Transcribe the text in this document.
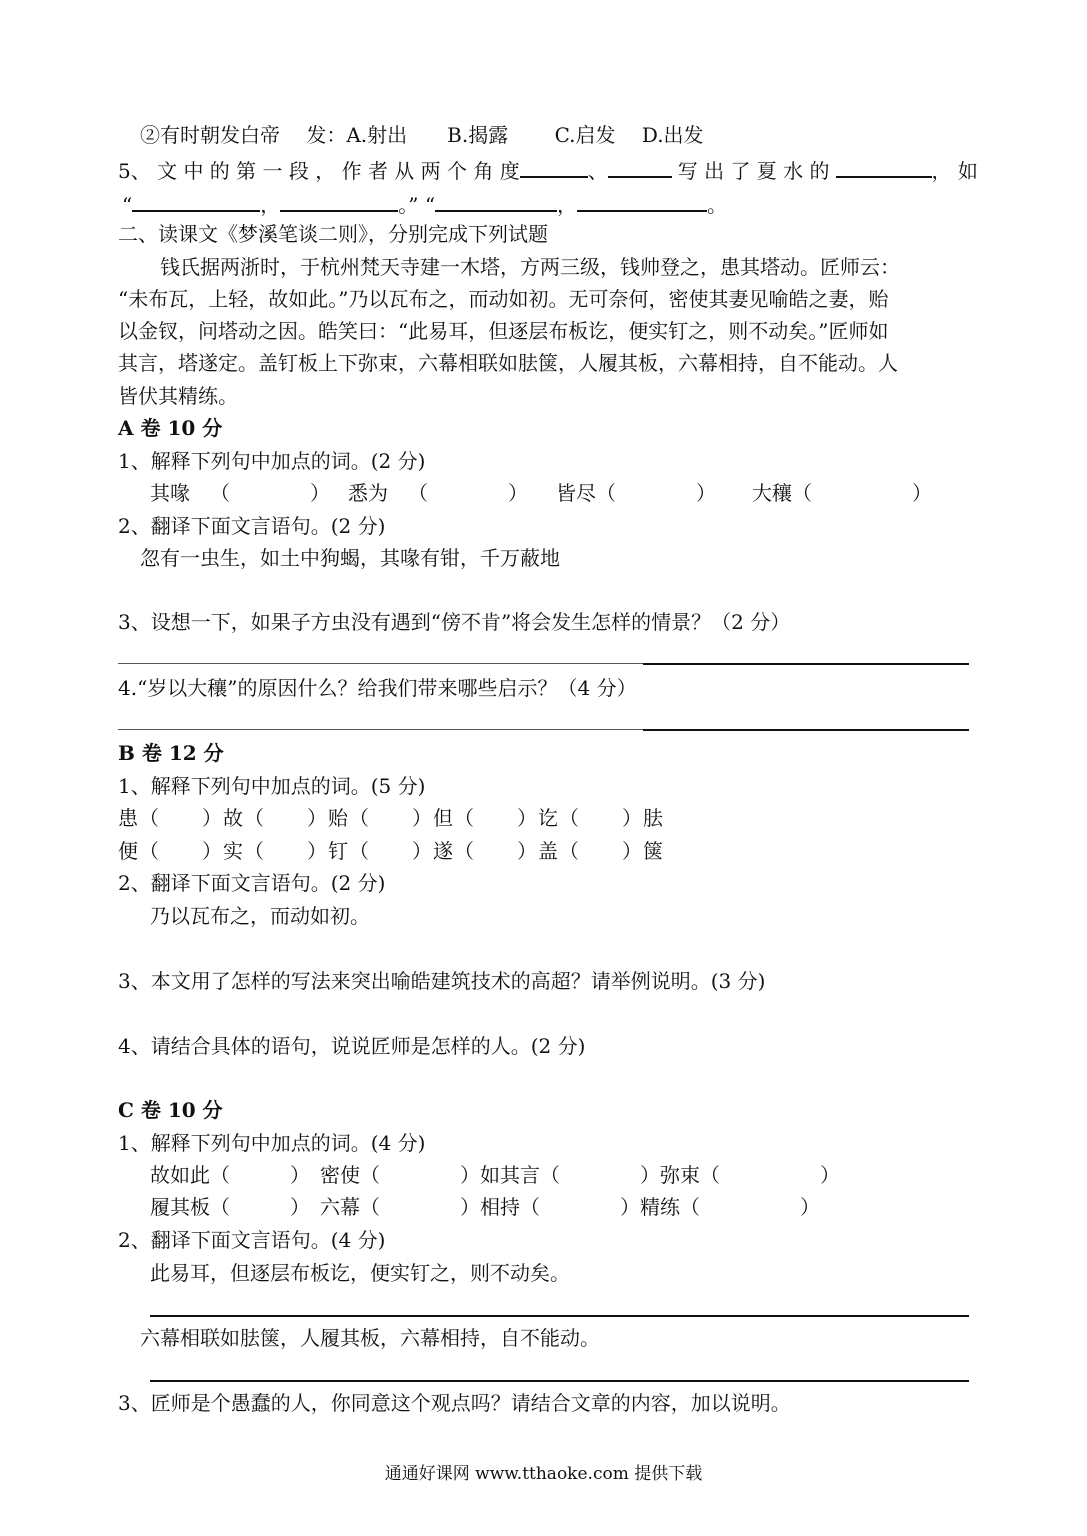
②有时朝发白帝　 发：A.射出　　B.揭露　　 C.启发　 D.出发
5、 文 中 的 第 一 段 ， 作 者 从 两 个 角 度	、	写 出 了 夏 水 的	， 如
“	，	。” “	，	。
二、读课文《梦溪笔谈二则》，分别完成下列试题
钱氏据两浙时，于杭州梵天寺建一木塔，方两三级，钱帅登之，患其塔动。匠师云：
“未布瓦，上轻，故如此。”乃以瓦布之，而动如初。无可奈何，密使其妻见喻皓之妻，贻
以金钗，问塔动之因。皓笑曰：“此易耳，但逐层布板讫，便实钉之，则不动矣。”匠师如
其言，塔遂定。盖钉板上下弥束，六幕相联如胠箧，人履其板，六幕相持，自不能动。人
皆伏其精练。
A 卷 10 分
1、解释下列句中加点的词。(2 分)
其喙 （　　　　） 悉为 （　　　　） 皆尽（　　　　） 大穰（　　　　　）
2、翻译下面文言语句。(2 分)
忽有一虫生，如土中狗蝎，其喙有钳，千万蔽地
3、设想一下，如果子方虫没有遇到“傍不肯”将会发生怎样的情景？（2 分）
4.“岁以大穰”的原因什么？给我们带来哪些启示？（4 分）
B 卷 12 分
1、解释下列句中加点的词。(5 分)
患（　　）故（　　）贻（　　）但（　　）讫（　　）胠
便（　　）实（　　）钉（　　）遂（　　）盖（　　）箧
2、翻译下面文言语句。(2 分)
乃以瓦布之，而动如初。
3、本文用了怎样的写法来突出喻皓建筑技术的高超？请举例说明。(3 分)
4、请结合具体的语句，说说匠师是怎样的人。(2 分)
C 卷 10 分
1、解释下列句中加点的词。(4 分)
故如此（　　　）　密使（　　　　）如其言（　　　　）弥束（　　　　　）
履其板（　　　）　六幕（　　　　）相持（　　　　）精练（　　　　　）
2、翻译下面文言语句。(4 分)
此易耳，但逐层布板讫，便实钉之，则不动矣。
六幕相联如胠箧，人履其板，六幕相持，自不能动。
3、匠师是个愚蠢的人，你同意这个观点吗？请结合文章的内容，加以说明。
通通好课网 www.tthaoke.com 提供下载
